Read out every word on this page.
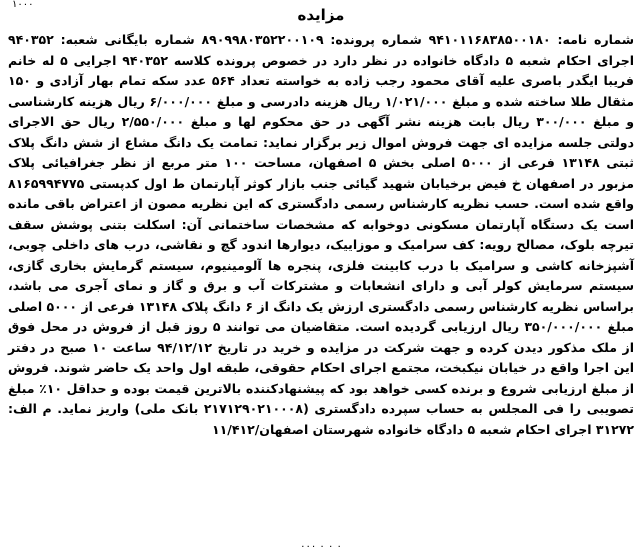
۱۰۰۰
مزایده

شماره نامه: ۹۴۱۰۱۱۶۸۳۸۵۰۰۱۸۰ شماره پرونده: ۸۹۰۹۹۸۰۳۵۲۲۰۰۱۰۹ شماره بایگانی شعبه: ۹۴۰۳۵۲ اجرای احکام شعبه ۵ دادگاه خانواده در نظر دارد در خصوص پرونده کلاسه ۹۴۰۳۵۲ اجرایی ۵ له خانم فریبا ایگدر باصری علیه آقای محمود رجب زاده به خواسته تعداد ۵۶۴ عدد سکه تمام بهار آزادی و ۱۵۰ مثقال طلا ساخته شده و مبلغ ۱/۰۲۱/۰۰۰ ریال هزینه دادرسی و مبلغ ۶/۰۰۰/۰۰۰ ریال هزینه کارشناسی و مبلغ ۳۰۰/۰۰۰ ریال بابت هزینه نشر آگهی در حق محکوم لها و مبلغ ۲/۵۵۰/۰۰۰ ریال حق الاجرای دولتی جلسه مزایده ای جهت فروش اموال زیر برگزار نماید: تمامت یک دانگ مشاع از شش دانگ پلاک ثبتی ۱۳۱۴۸ فرعی از ۵۰۰۰ اصلی بخش ۵ اصفهان، مساحت ۱۰۰ متر مربع از نظر جغرافیائی پلاک مزبور در اصفهان خ فیض برخیابان شهید گیائی جنب بازار کوثر آپارتمان ط اول کدپستی ۸۱۶۵۹۹۴۷۷۵ واقع شده است. حسب نظریه کارشناس رسمی دادگستری که این نظریه مصون از اعتراض باقی مانده است یک دستگاه آپارتمان مسکونی دوخوابه که مشخصات ساختمانی آن: اسکلت بتنی پوشش سقف تیرچه بلوک، مصالح رویه: کف سرامیک و موزاییک، دیوارها اندود گچ و نقاشی، درب های داخلی چوبی، آشپزخانه کاشی و سرامیک با درب کابینت فلزی، پنجره ها آلومینیوم، سیستم گرمایش بخاری گازی، سیستم سرمایش کولر آبی و دارای انشعابات و مشترکات آب و برق و گاز و نمای آجری می باشد، براساس نظریه کارشناس رسمی دادگستری ارزش یک دانگ از ۶ دانگ پلاک ۱۳۱۴۸ فرعی از ۵۰۰۰ اصلی مبلغ ۳۵۰/۰۰۰/۰۰۰ ریال ارزیابی گردیده است. متقاضیان می توانند ۵ روز قبل از فروش در محل فوق از ملک مذکور دیدن کرده و جهت شرکت در مزایده و خرید در تاریخ ۹۴/۱۲/۱۲ ساعت ۱۰ صبح در دفتر این اجرا واقع در خیابان نیکبخت، مجتمع اجرای احکام حقوقی، طبقه اول واحد یک حاضر شوند. فروش از مبلغ ارزیابی شروع و برنده کسی خواهد بود که پیشنهادکننده بالاترین قیمت بوده و حداقل ۱۰٪ مبلغ تصویبی را فی المجلس به حساب سپرده دادگستری (۲۱۷۱۲۹۰۲۱۰۰۰۸ بانک ملی) واریز نماید. م الف: ۳۱۲۷۲ اجرای احکام شعبه ۵ دادگاه خانواده شهرستان اصفهان/۱۱/۴۱۲

۰۰۰ ۰ ۰ ۰
